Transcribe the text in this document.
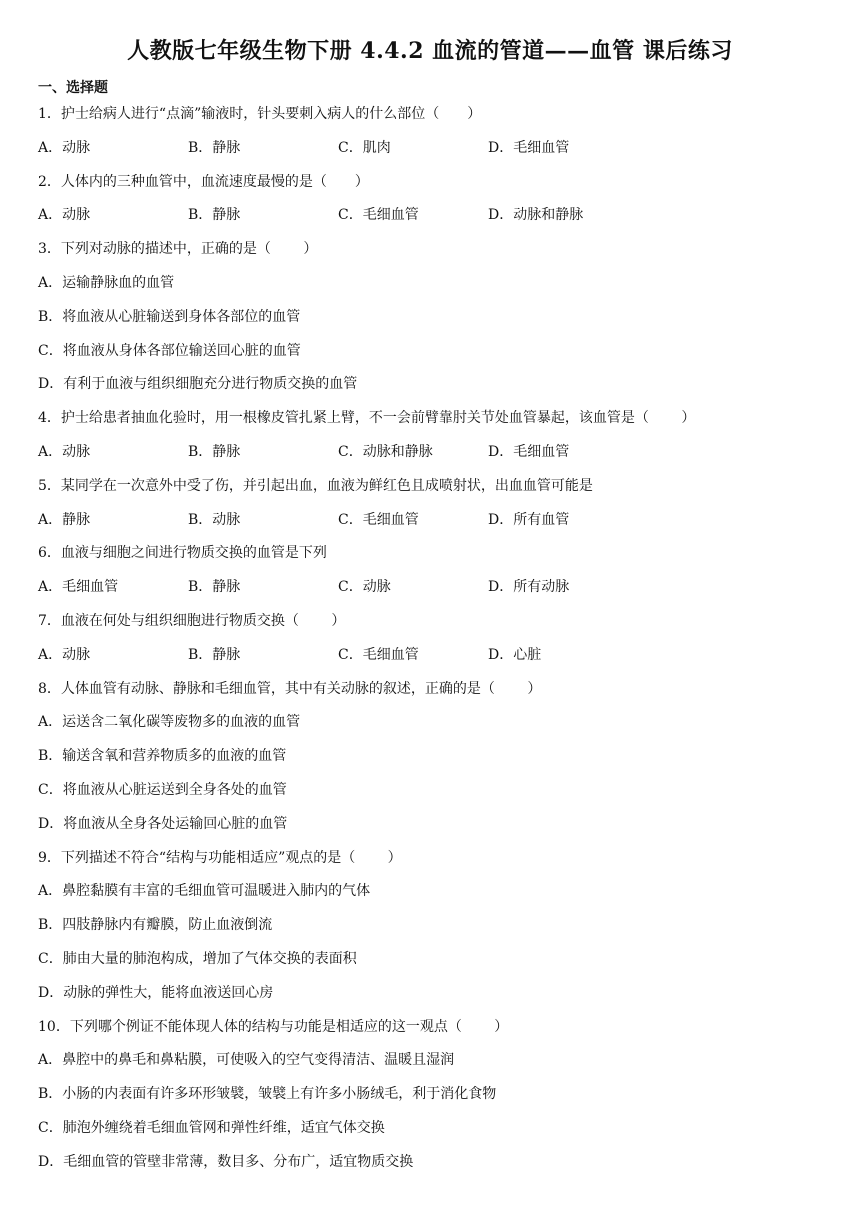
人教版七年级生物下册 4.4.2 血流的管道——血管 课后练习
一、选择题
1．护士给病人进行“点滴”输液时，针头要刺入病人的什么部位（　　）
A．动脉	B．静脉	C．肌肉	D．毛细血管
2．人体内的三种血管中，血流速度最慢的是（　　）
A．动脉	B．静脉	C．毛细血管	D．动脉和静脉
3．下列对动脉的描述中，正确的是（　　 ）
A．运输静脉血的血管
B．将血液从心脏输送到身体各部位的血管
C．将血液从身体各部位输送回心脏的血管
D．有利于血液与组织细胞充分进行物质交换的血管
4．护士给患者抽血化验时，用一根橡皮管扎紧上臂，不一会前臂靠肘关节处血管暴起，该血管是（　　 ）
A．动脉	B．静脉	C．动脉和静脉	D．毛细血管
5．某同学在一次意外中受了伤，并引起出血，血液为鲜红色且成喷射状，出血血管可能是
A．静脉	B．动脉	C．毛细血管	D．所有血管
6．血液与细胞之间进行物质交换的血管是下列
A．毛细血管	B．静脉	C．动脉	D．所有动脉
7．血液在何处与组织细胞进行物质交换（　　 ）
A．动脉	B．静脉	C．毛细血管	D．心脏
8．人体血管有动脉、静脉和毛细血管，其中有关动脉的叙述，正确的是（　　 ）
A．运送含二氧化碳等废物多的血液的血管
B．输送含氧和营养物质多的血液的血管
C．将血液从心脏运送到全身各处的血管
D．将血液从全身各处运输回心脏的血管
9．下列描述不符合“结构与功能相适应”观点的是（　　 ）
A．鼻腔黏膜有丰富的毛细血管可温暖进入肺内的气体
B．四肢静脉内有瓣膜，防止血液倒流
C．肺由大量的肺泡构成，增加了气体交换的表面积
D．动脉的弹性大，能将血液送回心房
10．下列哪个例证不能体现人体的结构与功能是相适应的这一观点（　　 ）
A．鼻腔中的鼻毛和鼻粘膜，可使吸入的空气变得清洁、温暖且湿润
B．小肠的内表面有许多环形皱襞，皱襞上有许多小肠绒毛，利于消化食物
C．肺泡外缠绕着毛细血管网和弹性纤维，适宜气体交换
D．毛细血管的管壁非常薄，数目多、分布广，适宜物质交换
